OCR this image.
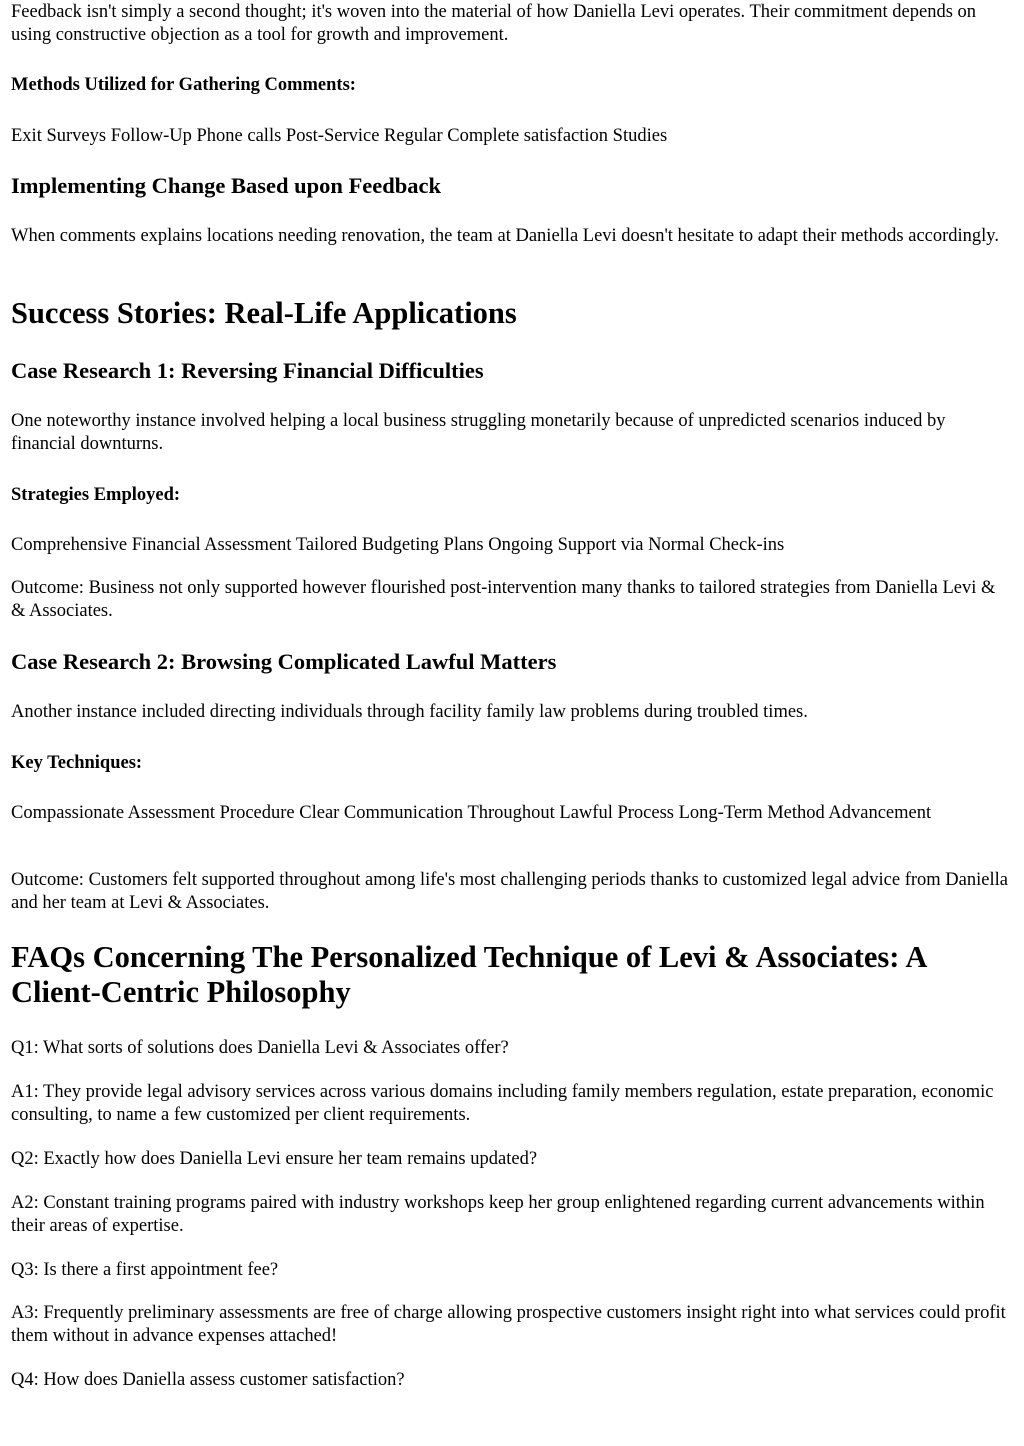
Feedback isn't simply a second thought; it's woven into the material of how Daniella Levi operates. Their commitment depends on using constructive objection as a tool for growth and improvement.

Methods Utilized for Gathering Comments:

Exit Surveys Follow-Up Phone calls Post-Service Regular Complete satisfaction Studies

Implementing Change Based upon Feedback

When comments explains locations needing renovation, the team at Daniella Levi doesn't hesitate to adapt their methods accordingly.

Success Stories: Real-Life Applications
Case Research 1: Reversing Financial Difficulties

One noteworthy instance involved helping a local business struggling monetarily because of unpredicted scenarios induced by financial downturns.

Strategies Employed:

Comprehensive Financial Assessment Tailored Budgeting Plans Ongoing Support via Normal Check-ins

Outcome: Business not only supported however flourished post-intervention many thanks to tailored strategies from Daniella Levi & & Associates.

Case Research 2: Browsing Complicated Lawful Matters

Another instance included directing individuals through facility family law problems during troubled times.

Key Techniques:

Compassionate Assessment Procedure Clear Communication Throughout Lawful Process Long-Term Method Advancement

Outcome: Customers felt supported throughout among life's most challenging periods thanks to customized legal advice from Daniella and her team at Levi & Associates.

FAQs Concerning The Personalized Technique of Levi & Associates: A Client-Centric Philosophy

Q1: What sorts of solutions does Daniella Levi & Associates offer?

A1: They provide legal advisory services across various domains including family members regulation, estate preparation, economic consulting, to name a few customized per client requirements.

Q2: Exactly how does Daniella Levi ensure her team remains updated?

A2: Constant training programs paired with industry workshops keep her group enlightened regarding current advancements within their areas of expertise.

Q3: Is there a first appointment fee?

A3: Frequently preliminary assessments are free of charge allowing prospective customers insight right into what services could profit them without in advance expenses attached!

Q4: How does Daniella assess customer satisfaction?
